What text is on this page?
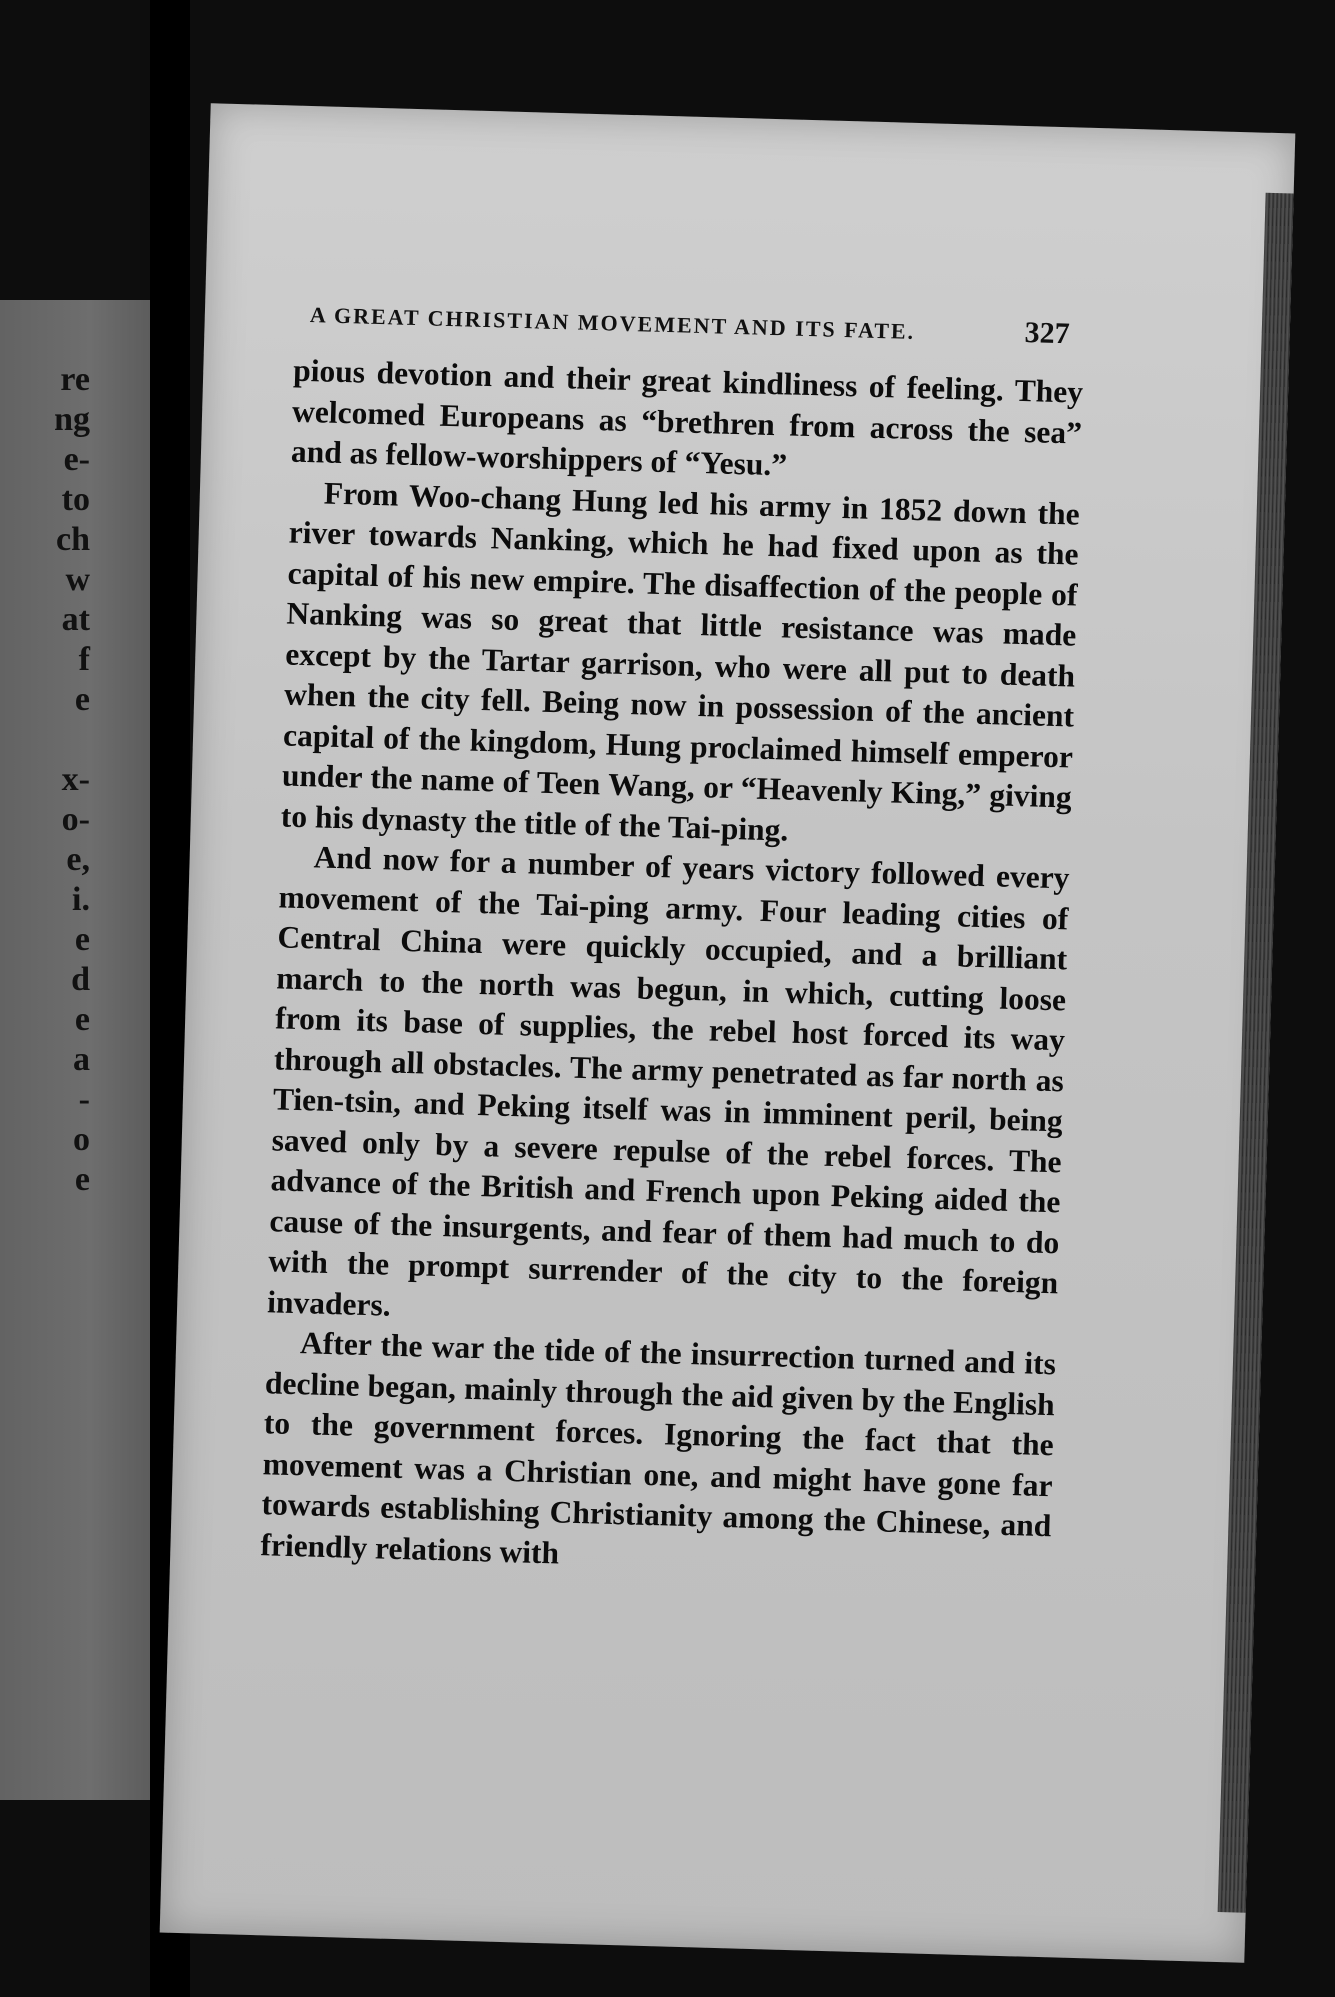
re
ng
e-
to
ch
w
at
f
e

x-
o-
e,
i.
e
d
e
a
-
o
e
A GREAT CHRISTIAN MOVEMENT AND ITS FATE.	327

pious devotion and their great kindliness of feeling. They welcomed Europeans as “brethren from across the sea” and as fellow-worshippers of “Yesu.”

From Woo-chang Hung led his army in 1852 down the river towards Nanking, which he had fixed upon as the capital of his new empire. The disaffection of the people of Nanking was so great that little resistance was made except by the Tartar garrison, who were all put to death when the city fell. Being now in possession of the ancient capital of the kingdom, Hung proclaimed himself emperor under the name of Teen Wang, or “Heavenly King,” giving to his dynasty the title of the Tai-ping.

And now for a number of years victory followed every movement of the Tai-ping army. Four leading cities of Central China were quickly occupied, and a brilliant march to the north was begun, in which, cutting loose from its base of supplies, the rebel host forced its way through all obstacles. The army penetrated as far north as Tien-tsin, and Peking itself was in imminent peril, being saved only by a severe repulse of the rebel forces. The advance of the British and French upon Peking aided the cause of the insurgents, and fear of them had much to do with the prompt surrender of the city to the foreign invaders.

After the war the tide of the insurrection turned and its decline began, mainly through the aid given by the English to the government forces. Ignoring the fact that the movement was a Christian one, and might have gone far towards establishing Christianity among the Chinese, and friendly relations with
